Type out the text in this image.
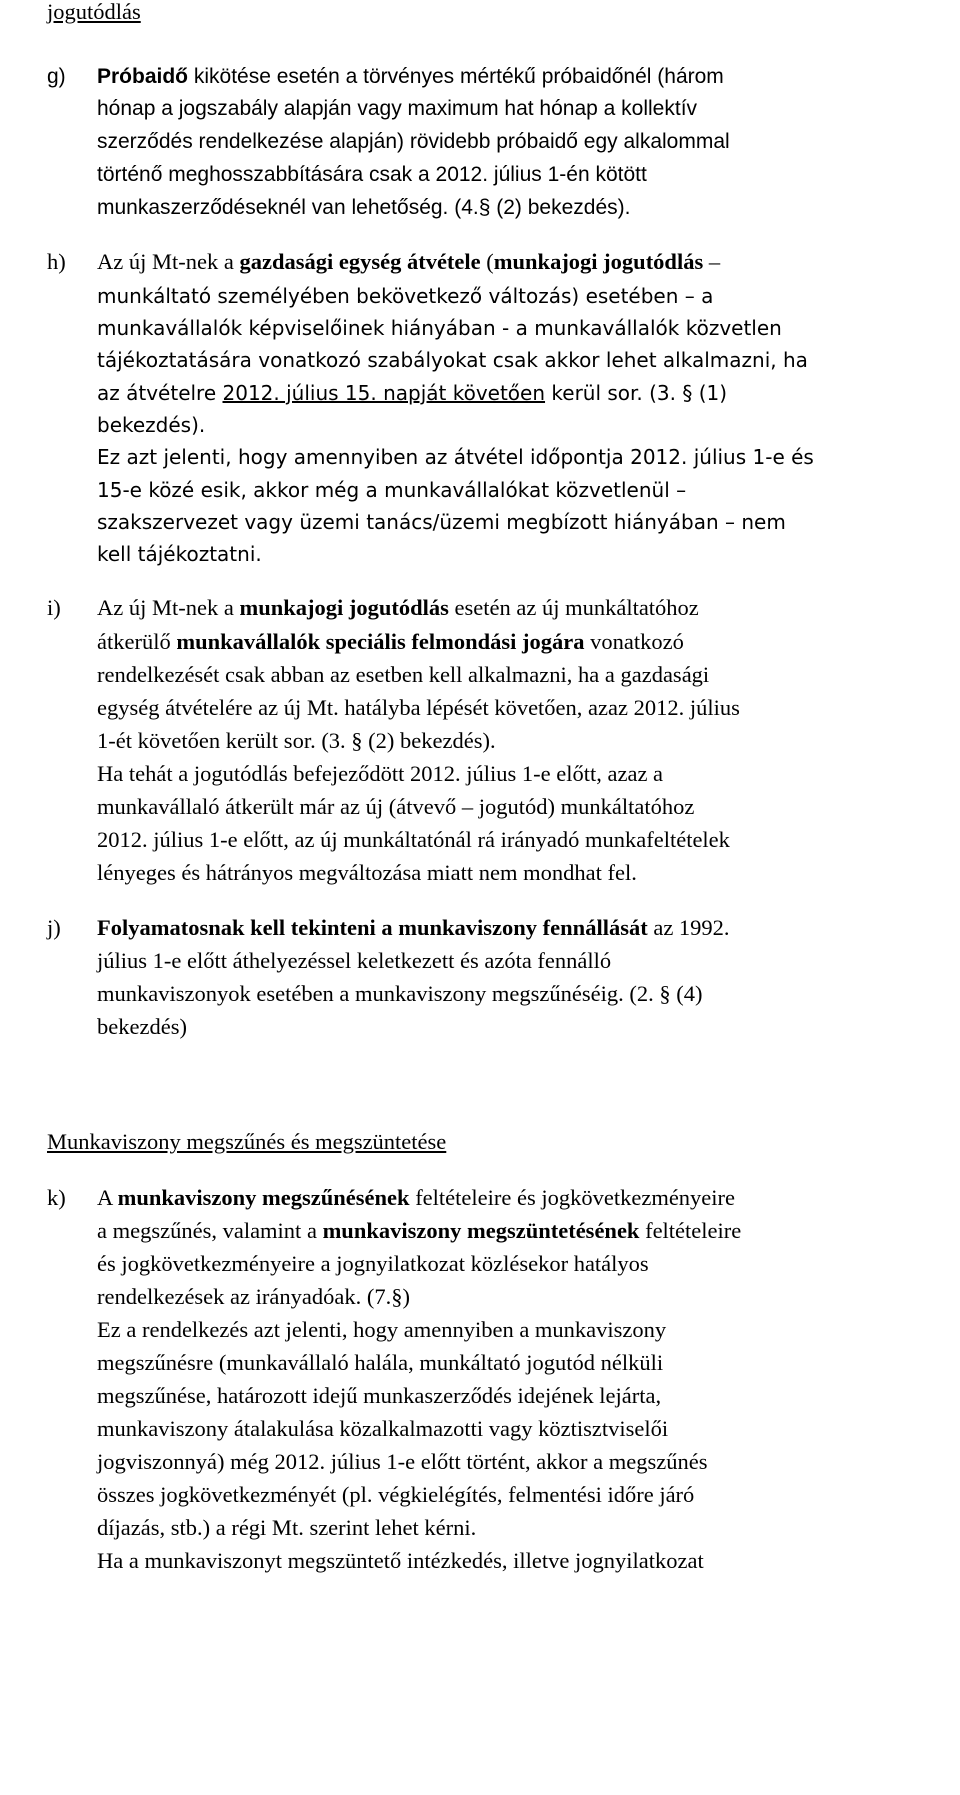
jogutódlás
g) Próbaidő kikötése esetén a törvényes mértékű próbaidőnél (három
hónap a jogszabály alapján vagy maximum hat hónap a kollektív
szerződés rendelkezése alapján) rövidebb próbaidő egy alkalommal
történő meghosszabbítására csak a 2012. július 1-én kötött
munkaszerződéseknél van lehetőség. (4.§ (2) bekezdés).
h) Az új Mt-nek a gazdasági egység átvétele (munkajogi jogutódlás –
munkáltató személyében bekövetkező változás) esetében – a
munkavállalók képviselőinek hiányában - a munkavállalók közvetlen
tájékoztatására vonatkozó szabályokat csak akkor lehet alkalmazni, ha
az átvételre 2012. július 15. napját követően kerül sor. (3. § (1)
bekezdés).
Ez azt jelenti, hogy amennyiben az átvétel időpontja 2012. július 1-e és
15-e közé esik, akkor még a munkavállalókat közvetlenül –
szakszervezet vagy üzemi tanács/üzemi megbízott hiányában – nem
kell tájékoztatni.
i) Az új Mt-nek a munkajogi jogutódlás esetén az új munkáltatóhoz
átkerülő munkavállalók speciális felmondási jogára vonatkozó
rendelkezését csak abban az esetben kell alkalmazni, ha a gazdasági
egység átvételére az új Mt. hatályba lépését követően, azaz 2012. július
1-ét követően került sor. (3. § (2) bekezdés).
Ha tehát a jogutódlás befejeződött 2012. július 1-e előtt, azaz a
munkavállaló átkerült már az új (átvevő – jogutód) munkáltatóhoz
2012. július 1-e előtt, az új munkáltatónál rá irányadó munkafeltételek
lényeges és hátrányos megváltozása miatt nem mondhat fel.
j) Folyamatosnak kell tekinteni a munkaviszony fennállását az 1992.
július 1-e előtt áthelyezéssel keletkezett és azóta fennálló
munkaviszonyok esetében a munkaviszony megszűnéséig. (2. § (4)
bekezdés)
Munkaviszony megszűnés és megszüntetése
k) A munkaviszony megszűnésének feltételeire és jogkövetkezményeire
a megszűnés, valamint a munkaviszony megszüntetésének feltételeire
és jogkövetkezményeire a jognyilatkozat közlésekor hatályos
rendelkezések az irányadóak. (7.§)
Ez a rendelkezés azt jelenti, hogy amennyiben a munkaviszony
megszűnésre (munkavállaló halála, munkáltató jogutód nélküli
megszűnése, határozott idejű munkaszerződés idejének lejárta,
munkaviszony átalakulása közalkalmazotti vagy köztisztviselői
jogviszonnyá) még 2012. július 1-e előtt történt, akkor a megszűnés
összes jogkövetkezményét (pl. végkielégítés, felmentési időre járó
díjazás, stb.) a régi Mt. szerint lehet kérni.
Ha a munkaviszonyt megszüntető intézkedés, illetve jognyilatkozat
